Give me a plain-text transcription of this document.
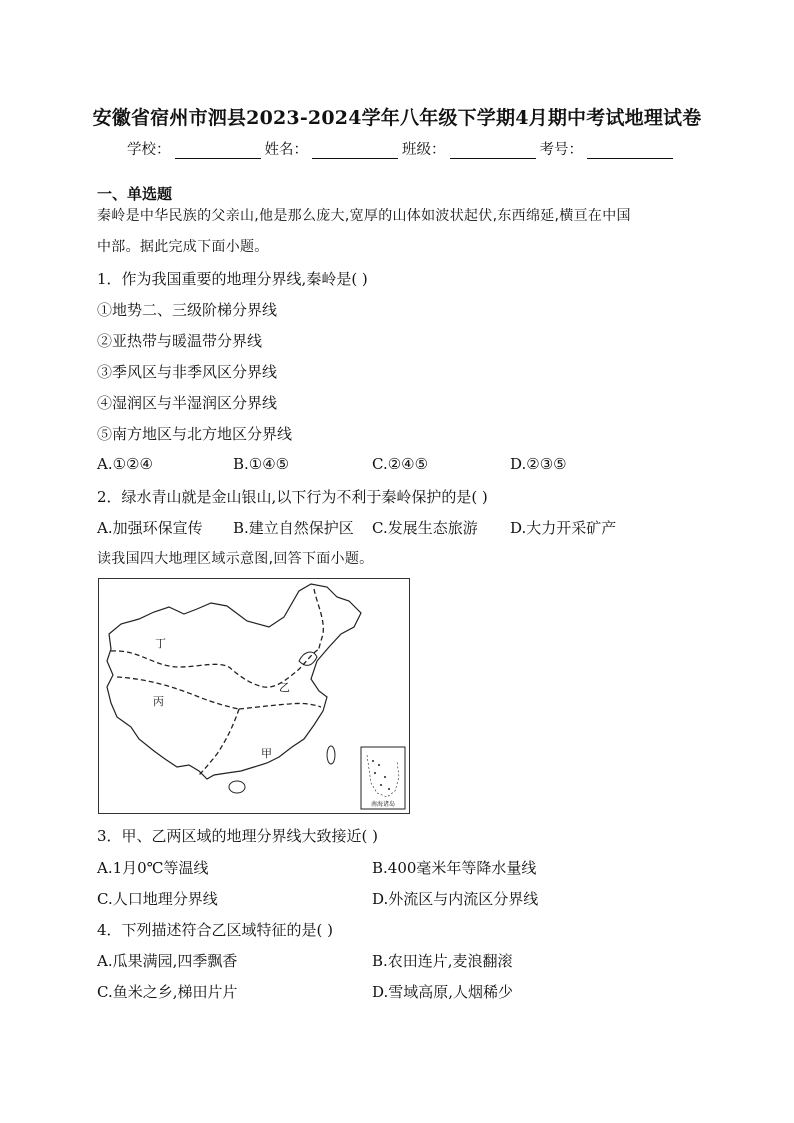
安徽省宿州市泗县2023-2024学年八年级下学期4月期中考试地理试卷
学校：	姓名：	班级：	考号：
一、单选题
秦岭是中华民族的父亲山,他是那么庞大,宽厚的山体如波状起伏,东西绵延,横亘在中国
中部。据此完成下面小题。
1．作为我国重要的地理分界线,秦岭是( )
①地势二、三级阶梯分界线
②亚热带与暖温带分界线
③季风区与非季风区分界线
④湿润区与半湿润区分界线
⑤南方地区与北方地区分界线
A.①②④	B.①④⑤	C.②④⑤	D.②③⑤
2．绿水青山就是金山银山,以下行为不利于秦岭保护的是( )
A.加强环保宣传 B.建立自然保护区 C.发展生态旅游 D.大力开采矿产
读我国四大地理区域示意图,回答下面小题。
丁
丙
乙
甲
南海诸岛
3．甲、乙两区域的地理分界线大致接近( )
A.1月0℃等温线	B.400毫米年等降水量线
C.人口地理分界线	D.外流区与内流区分界线
4．下列描述符合乙区域特征的是( )
A.瓜果满园,四季飘香	B.农田连片,麦浪翻滚
C.鱼米之乡,梯田片片	D.雪域高原,人烟稀少
